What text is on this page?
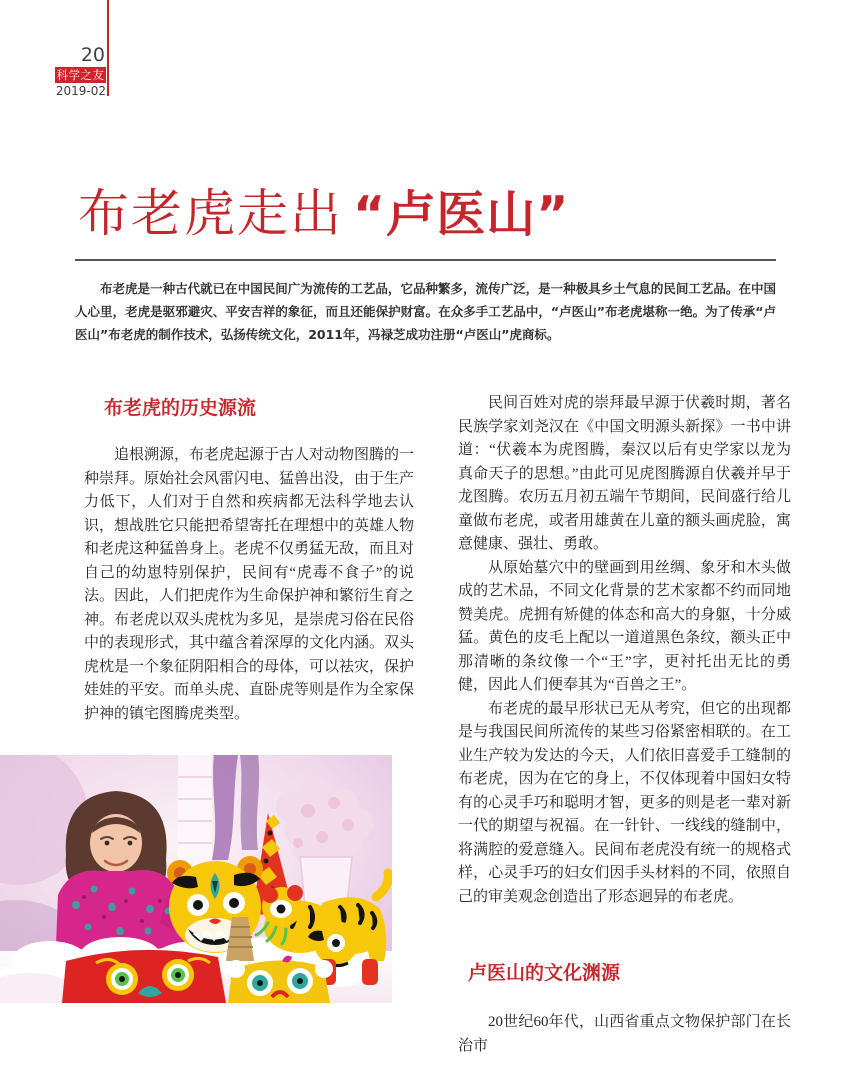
20
科学之友
2019-02
布老虎走出 “卢医山”

布老虎是一种古代就已在中国民间广为流传的工艺品，它品种繁多，流传广泛，是一种极具乡土气息的民间工艺品。在中国人心里，老虎是驱邪避灾、平安吉祥的象征，而且还能保护财富。在众多手工艺品中，“卢医山”布老虎堪称一绝。为了传承“卢医山”布老虎的制作技术，弘扬传统文化，2011年，冯禄芝成功注册“卢医山”虎商标。

布老虎的历史源流

追根溯源，布老虎起源于古人对动物图腾的一种崇拜。原始社会风雷闪电、猛兽出没，由于生产力低下，人们对于自然和疾病都无法科学地去认识，想战胜它只能把希望寄托在理想中的英雄人物和老虎这种猛兽身上。老虎不仅勇猛无敌，而且对自己的幼崽特别保护，民间有“虎毒不食子”的说法。因此，人们把虎作为生命保护神和繁衍生育之神。布老虎以双头虎枕为多见，是崇虎习俗在民俗中的表现形式，其中蕴含着深厚的文化内涵。双头虎枕是一个象征阴阳相合的母体，可以祛灾，保护娃娃的平安。而单头虎、直卧虎等则是作为全家保护神的镇宅图腾虎类型。

民间百姓对虎的崇拜最早源于伏羲时期，著名民族学家刘尧汉在《中国文明源头新探》一书中讲道：“伏羲本为虎图腾，秦汉以后有史学家以龙为真命天子的思想。”由此可见虎图腾源自伏羲并早于龙图腾。农历五月初五端午节期间，民间盛行给儿童做布老虎，或者用雄黄在儿童的额头画虎脸，寓意健康、强壮、勇敢。

从原始墓穴中的壁画到用丝绸、象牙和木头做成的艺术品，不同文化背景的艺术家都不约而同地赞美虎。虎拥有矫健的体态和高大的身躯，十分威猛。黄色的皮毛上配以一道道黑色条纹，额头正中那清晰的条纹像一个“王”字，更衬托出无比的勇健，因此人们便奉其为“百兽之王”。

布老虎的最早形状已无从考究，但它的出现都是与我国民间所流传的某些习俗紧密相联的。在工业生产较为发达的今天，人们依旧喜爱手工缝制的布老虎，因为在它的身上，不仅体现着中国妇女特有的心灵手巧和聪明才智，更多的则是老一辈对新一代的期望与祝福。在一针针、一线线的缝制中，将满腔的爱意缝入。民间布老虎没有统一的规格式样，心灵手巧的妇女们因手头材料的不同，依照自己的审美观念创造出了形态迥异的布老虎。

卢医山的文化渊源

20世纪60年代，山西省重点文物保护部门在长治市
